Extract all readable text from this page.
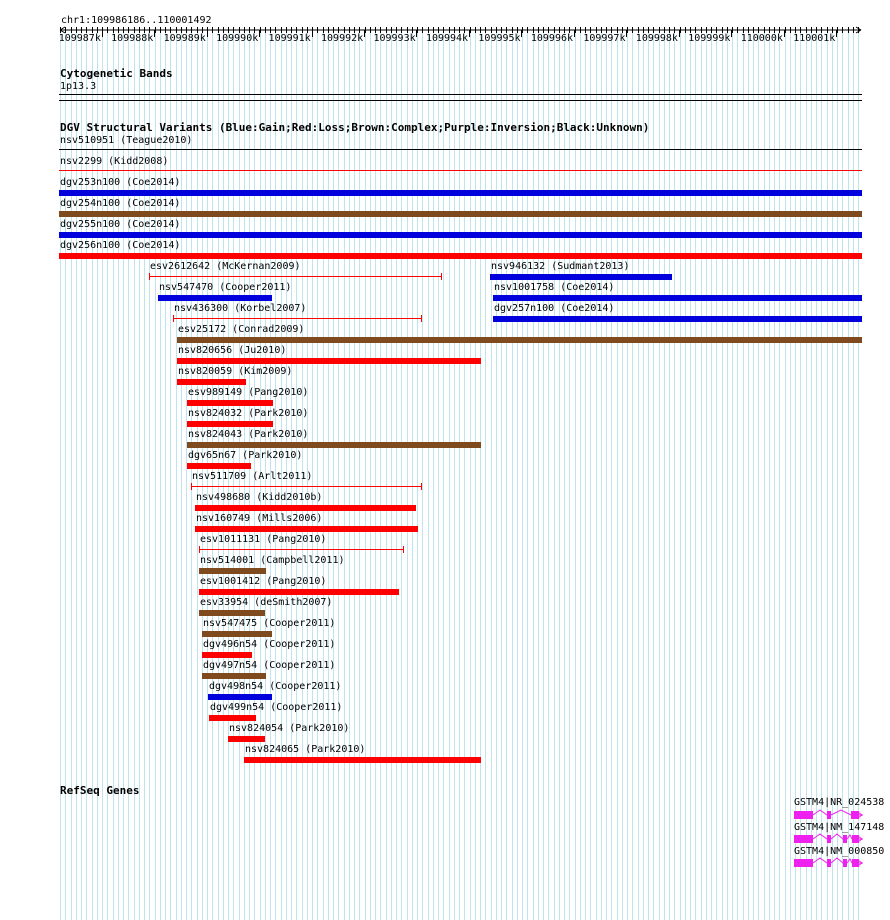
chr1:109986186..110001492
109987k 109988k 109989k 109990k 109991k 109992k 109993k 109994k 109995k 109996k 109997k 109998k 109999k 110000k 110001k
Cytogenetic Bands
1p13.3
DGV Structural Variants (Blue:Gain;Red:Loss;Brown:Complex;Purple:Inversion;Black:Unknown)
nsv510951 (Teague2010)
nsv2299 (Kidd2008)
dgv253n100 (Coe2014)
dgv254n100 (Coe2014)
dgv255n100 (Coe2014)
dgv256n100 (Coe2014)
esv2612642 (McKernan2009)	nsv946132 (Sudmant2013)
nsv547470 (Cooper2011)	nsv1001758 (Coe2014)
nsv436300 (Korbel2007)	dgv257n100 (Coe2014)
esv25172 (Conrad2009)
nsv820656 (Ju2010)
nsv820059 (Kim2009)
esv989149 (Pang2010)
nsv824032 (Park2010)
nsv824043 (Park2010)
dgv65n67 (Park2010)
nsv511709 (Arlt2011)
nsv498680 (Kidd2010b)
nsv160749 (Mills2006)
esv1011131 (Pang2010)
nsv514001 (Campbell2011)
esv1001412 (Pang2010)
esv33954 (deSmith2007)
nsv547475 (Cooper2011)
dgv496n54 (Cooper2011)
dgv497n54 (Cooper2011)
dgv498n54 (Cooper2011)
dgv499n54 (Cooper2011)
nsv824054 (Park2010)
nsv824065 (Park2010)
RefSeq Genes
GSTM4|NR_024538
GSTM4|NM_147148
GSTM4|NM_000850
